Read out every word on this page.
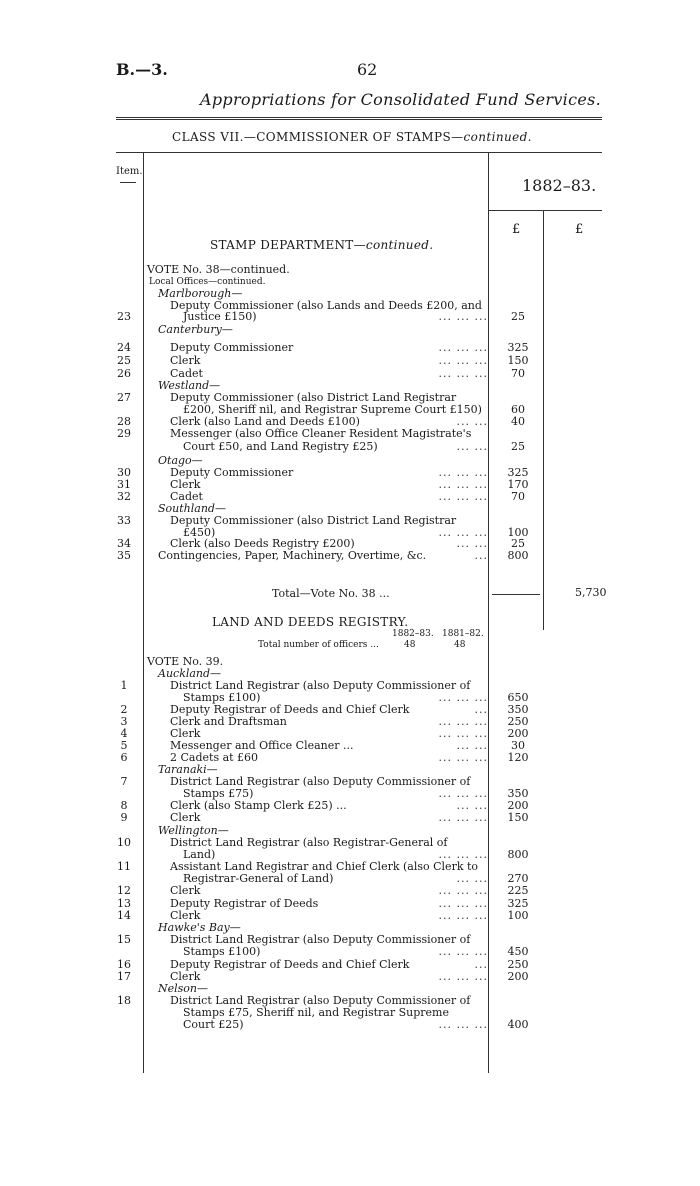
B.—3.	62
Appropriations for Consolidated Fund Services.
CLASS VII.—COMMISSIONER OF STAMPS—continued.
Item.
1882–83.
£	£
STAMP DEPARTMENT—continued.
Total—Vote No. 38 ...	5,730
LAND AND DEEDS REGISTRY.
1882–83. 1881–82.
Total number of officers ...	48	48
VOTE No. 38—continued.
Local Offices—continued.
Marlborough—
Deputy Commissioner (also Lands and Deeds £200, and
23	Justice £150)	... ... ...	25
Canterbury—
24	Deputy Commissioner	... ... ...	325
25	Clerk	... ... ...	150
26	Cadet	... ... ...	70
Westland—
27	Deputy Commissioner (also District Land Registrar
£200, Sheriff nil, and Registrar Supreme Court £150)	60
28	Clerk (also Land and Deeds £100)	... ...	40
29	Messenger (also Office Cleaner Resident Magistrate's
Court £50, and Land Registry £25)	... ...	25
Otago—
30	Deputy Commissioner	... ... ...	325
31	Clerk	... ... ...	170
32	Cadet	... ... ...	70
Southland—
33	Deputy Commissioner (also District Land Registrar
£450)	... ... ...	100
34	Clerk (also Deeds Registry £200)	... ...	25
35	Contingencies, Paper, Machinery, Overtime, &c.	...	800
VOTE No. 39.
Auckland—
1	District Land Registrar (also Deputy Commissioner of
Stamps £100)	... ... ...	650
2	Deputy Registrar of Deeds and Chief Clerk	...	350
3	Clerk and Draftsman	... ... ...	250
4	Clerk	... ... ...	200
5	Messenger and Office Cleaner ...	... ...	30
6	2 Cadets at £60	... ... ...	120
Taranaki—
7	District Land Registrar (also Deputy Commissioner of
Stamps £75)	... ... ...	350
8	Clerk (also Stamp Clerk £25) ...	... ...	200
9	Clerk	... ... ...	150
Wellington—
10	District Land Registrar (also Registrar-General of
Land)	... ... ...	800
11	Assistant Land Registrar and Chief Clerk (also Clerk to
Registrar-General of Land)	... ...	270
12	Clerk	... ... ...	225
13	Deputy Registrar of Deeds	... ... ...	325
14	Clerk	... ... ...	100
Hawke's Bay—
15	District Land Registrar (also Deputy Commissioner of
Stamps £100)	... ... ...	450
16	Deputy Registrar of Deeds and Chief Clerk	...	250
17	Clerk	... ... ...	200
Nelson—
18	District Land Registrar (also Deputy Commissioner of
Stamps £75, Sheriff nil, and Registrar Supreme
Court £25)	... ... ...	400
